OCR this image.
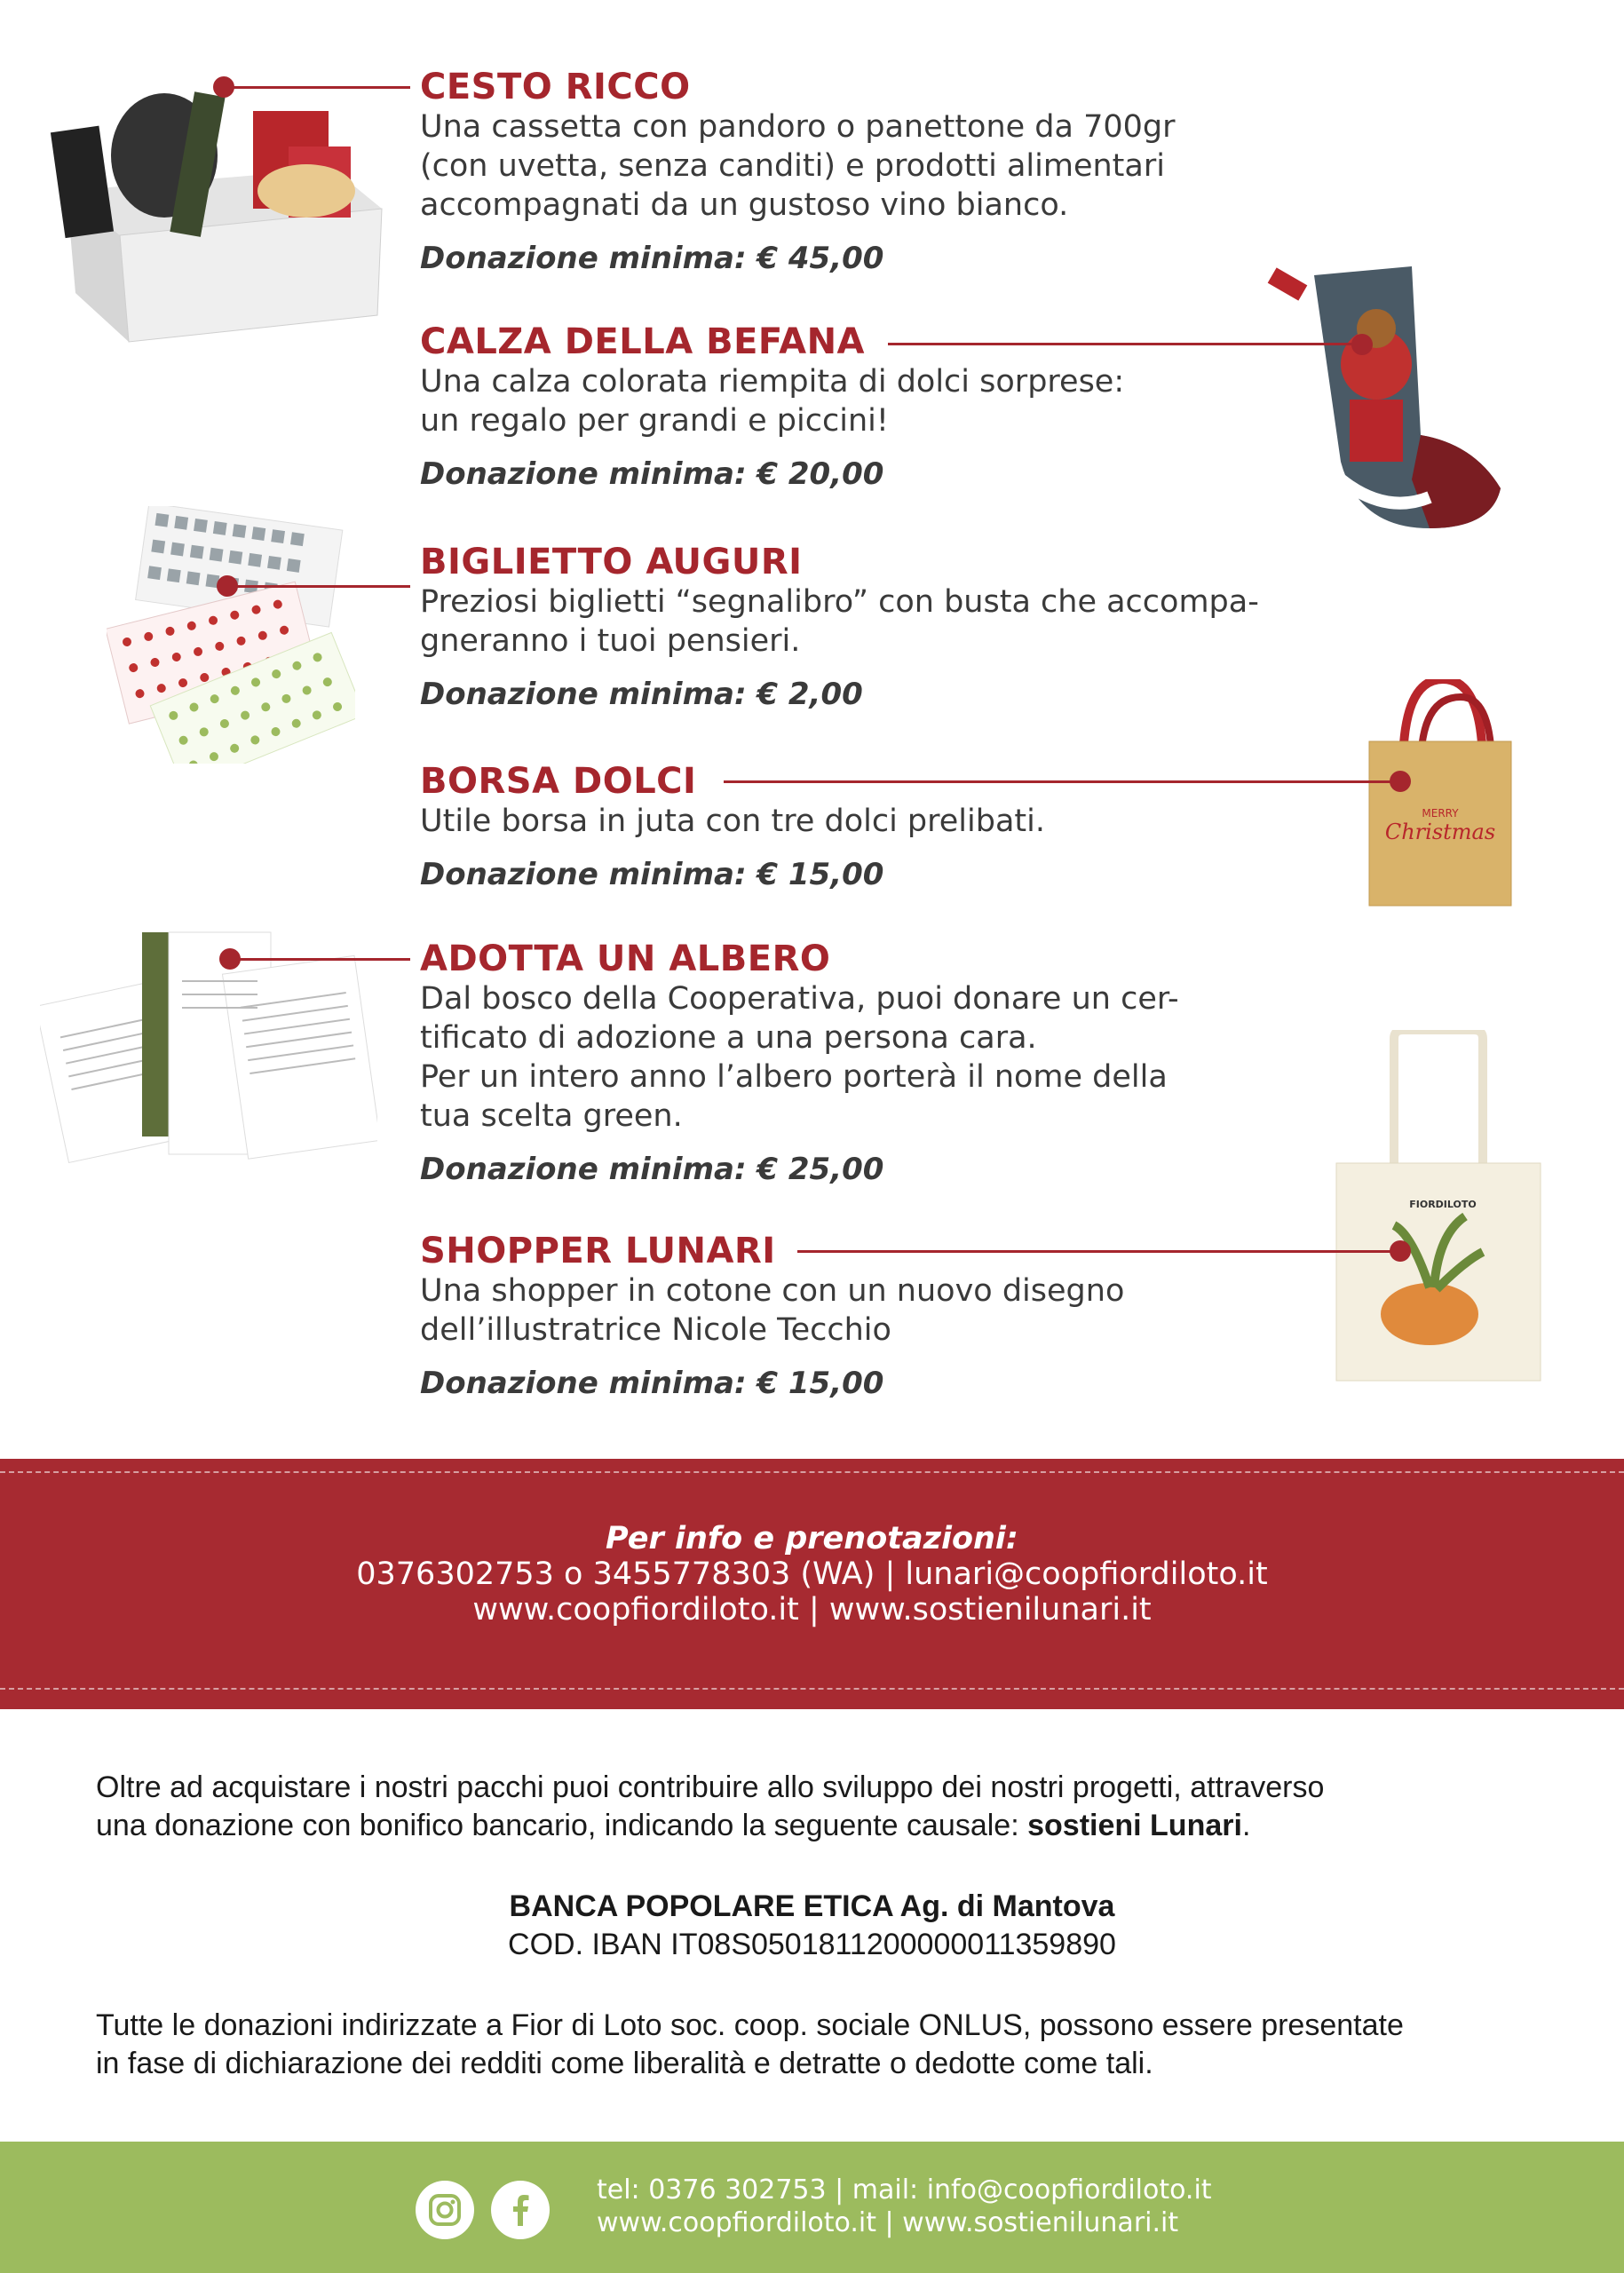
CESTO RICCO
Una cassetta con pandoro o panettone da 700gr
(con uvetta, senza canditi) e prodotti alimentari
accompagnati da un gustoso vino bianco.
Donazione minima: € 45,00
CALZA DELLA BEFANA
Una calza colorata riempita di dolci sorprese:
un regalo per grandi e piccini!
Donazione minima: € 20,00
BIGLIETTO AUGURI
Preziosi biglietti “segnalibro” con busta che accompa-
gneranno i tuoi pensieri.
Donazione minima: € 2,00
MERRY
Christmas
BORSA DOLCI
Utile borsa in juta con tre dolci prelibati.
Donazione minima: € 15,00
ADOTTA UN ALBERO
Dal bosco della Cooperativa, puoi donare un cer-
tificato di adozione a una persona cara.
Per un intero anno l’albero porterà il nome della
tua scelta green.
Donazione minima: € 25,00
FIORDILOTO
SHOPPER LUNARI
Una shopper in cotone con un nuovo disegno
dell’illustratrice Nicole Tecchio
Donazione minima: € 15,00
Per info e prenotazioni:
0376302753 o 3455778303 (WA) | lunari@coopfiordiloto.it
www.coopfiordiloto.it | www.sostienilunari.it
Oltre ad acquistare i nostri pacchi puoi contribuire allo sviluppo dei nostri progetti, attraverso
una donazione con bonifico bancario, indicando la seguente causale: sostieni Lunari.
BANCA POPOLARE ETICA Ag. di Mantova
COD. IBAN IT08S0501811200000011359890
Tutte le donazioni indirizzate a Fior di Loto soc. coop. sociale ONLUS, possono essere presentate
in fase di dichiarazione dei redditi come liberalità e detratte o dedotte come tali.
tel: 0376 302753 | mail: info@coopfiordiloto.it
www.coopfiordiloto.it | www.sostienilunari.it
